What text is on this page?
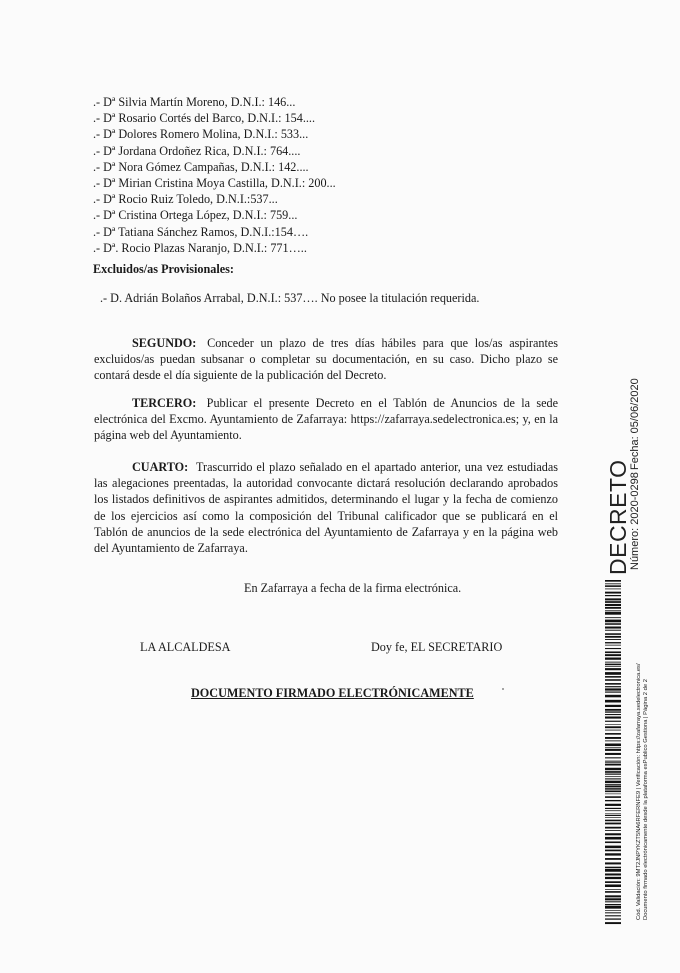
.- Dª Silvia Martín Moreno, D.N.I.: 146...
.- Dª Rosario Cortés del Barco, D.N.I.: 154....
.- Dª Dolores Romero Molina, D.N.I.: 533...
.- Dª Jordana Ordoñez Rica, D.N.I.: 764....
.- Dª Nora Gómez Campañas, D.N.I.: 142....
.- Dª Mirian Cristina Moya Castilla, D.N.I.: 200...
.- Dª Rocio Ruiz Toledo, D.N.I.:537...
.- Dª Cristina Ortega López, D.N.I.: 759...
.- Dª Tatiana Sánchez Ramos, D.N.I.:154….
.- Dª. Rocio Plazas Naranjo, D.N.I.: 771…..
Excluidos/as Provisionales:
.- D. Adrián Bolaños Arrabal, D.N.I.: 537…. No posee la titulación requerida.
SEGUNDO: Conceder un plazo de tres días hábiles para que los/as aspirantes excluidos/as puedan subsanar o completar su documentación, en su caso. Dicho plazo se contará desde el día siguiente de la publicación del Decreto.
TERCERO: Publicar el presente Decreto en el Tablón de Anuncios de la sede electrónica del Excmo. Ayuntamiento de Zafarraya: https://zafarraya.sedelectronica.es; y, en la página web del Ayuntamiento.
CUARTO: Trascurrido el plazo señalado en el apartado anterior, una vez estudiadas las alegaciones preentadas, la autoridad convocante dictará resolución declarando aprobados los listados definitivos de aspirantes admitidos, determinando el lugar y la fecha de comienzo de los ejercicios así como la composición del Tribunal calificador que se publicará en el Tablón de anuncios de la sede electrónica del Ayuntamiento de Zafarraya y en la página web del Ayuntamiento de Zafarraya.
En Zafarraya a fecha de la firma electrónica.
LA ALCALDESA	Doy fe, EL SECRETARIO
DOCUMENTO FIRMADO ELECTRÓNICAMENTE
DECRETO
Número: 2020-0298
Fecha: 05/06/2020
Cód. Validación: 9MT2JNPYKZT5NA6RFERNFE9 | Verificación: https://zafarraya.sedelectronica.es/ Documento firmado electrónicamente desde la plataforma esPublico Gestiona | Página 2 de 2
